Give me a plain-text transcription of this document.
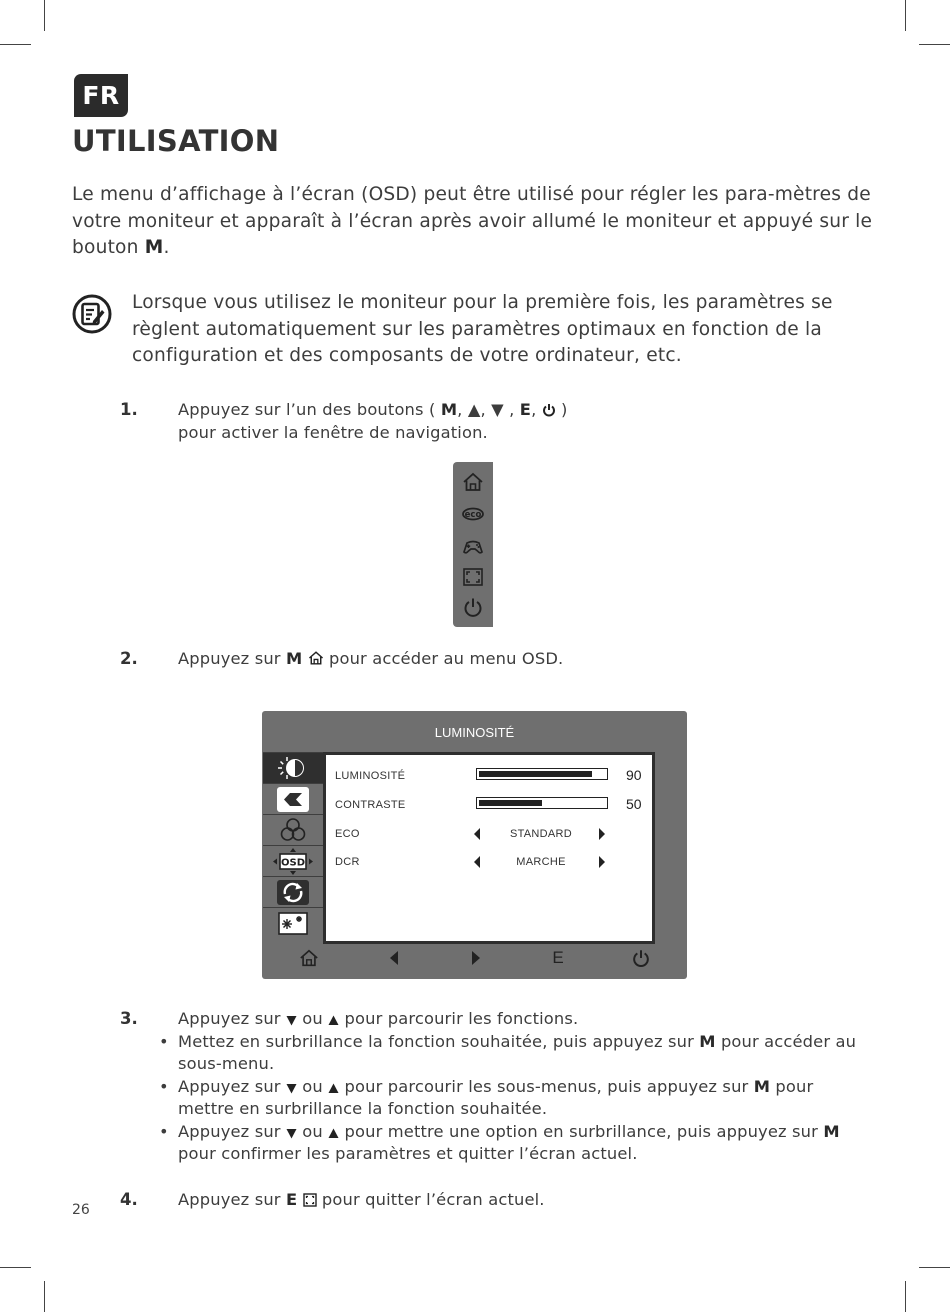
FR
UTILISATION

Le menu d’affichage à l’écran (OSD) peut être utilisé pour régler les para-mètres de votre moniteur et apparaît à l’écran après avoir allumé le moniteur et appuyé sur le bouton M.

Lorsque vous utilisez le moniteur pour la première fois, les paramètres se règlent automatiquement sur les paramètres optimaux en fonction de la configuration et des composants de votre ordinateur, etc.

1. Appuyez sur l’un des boutons ( M, ▲, ▼ , E,  )
pour activer la fenêtre de navigation.

eco
2. Appuyez sur M  pour accéder au menu OSD.

LUMINOSITÉ
OSD
LUMINOSITÉ	90
CONTRASTE	50
ECO	STANDARD
DCR	MARCHE
E
3. Appuyez sur  ou  pour parcourir les fonctions.
• Mettez en surbrillance la fonction souhaitée, puis appuyez sur M pour accéder au sous-menu.
• Appuyez sur  ou  pour parcourir les sous-menus, puis appuyez sur M pour mettre en surbrillance la fonction souhaitée.
• Appuyez sur  ou  pour mettre une option en surbrillance, puis appuyez sur M pour confirmer les paramètres et quitter l’écran actuel.
4. Appuyez sur E  pour quitter l’écran actuel.

26
